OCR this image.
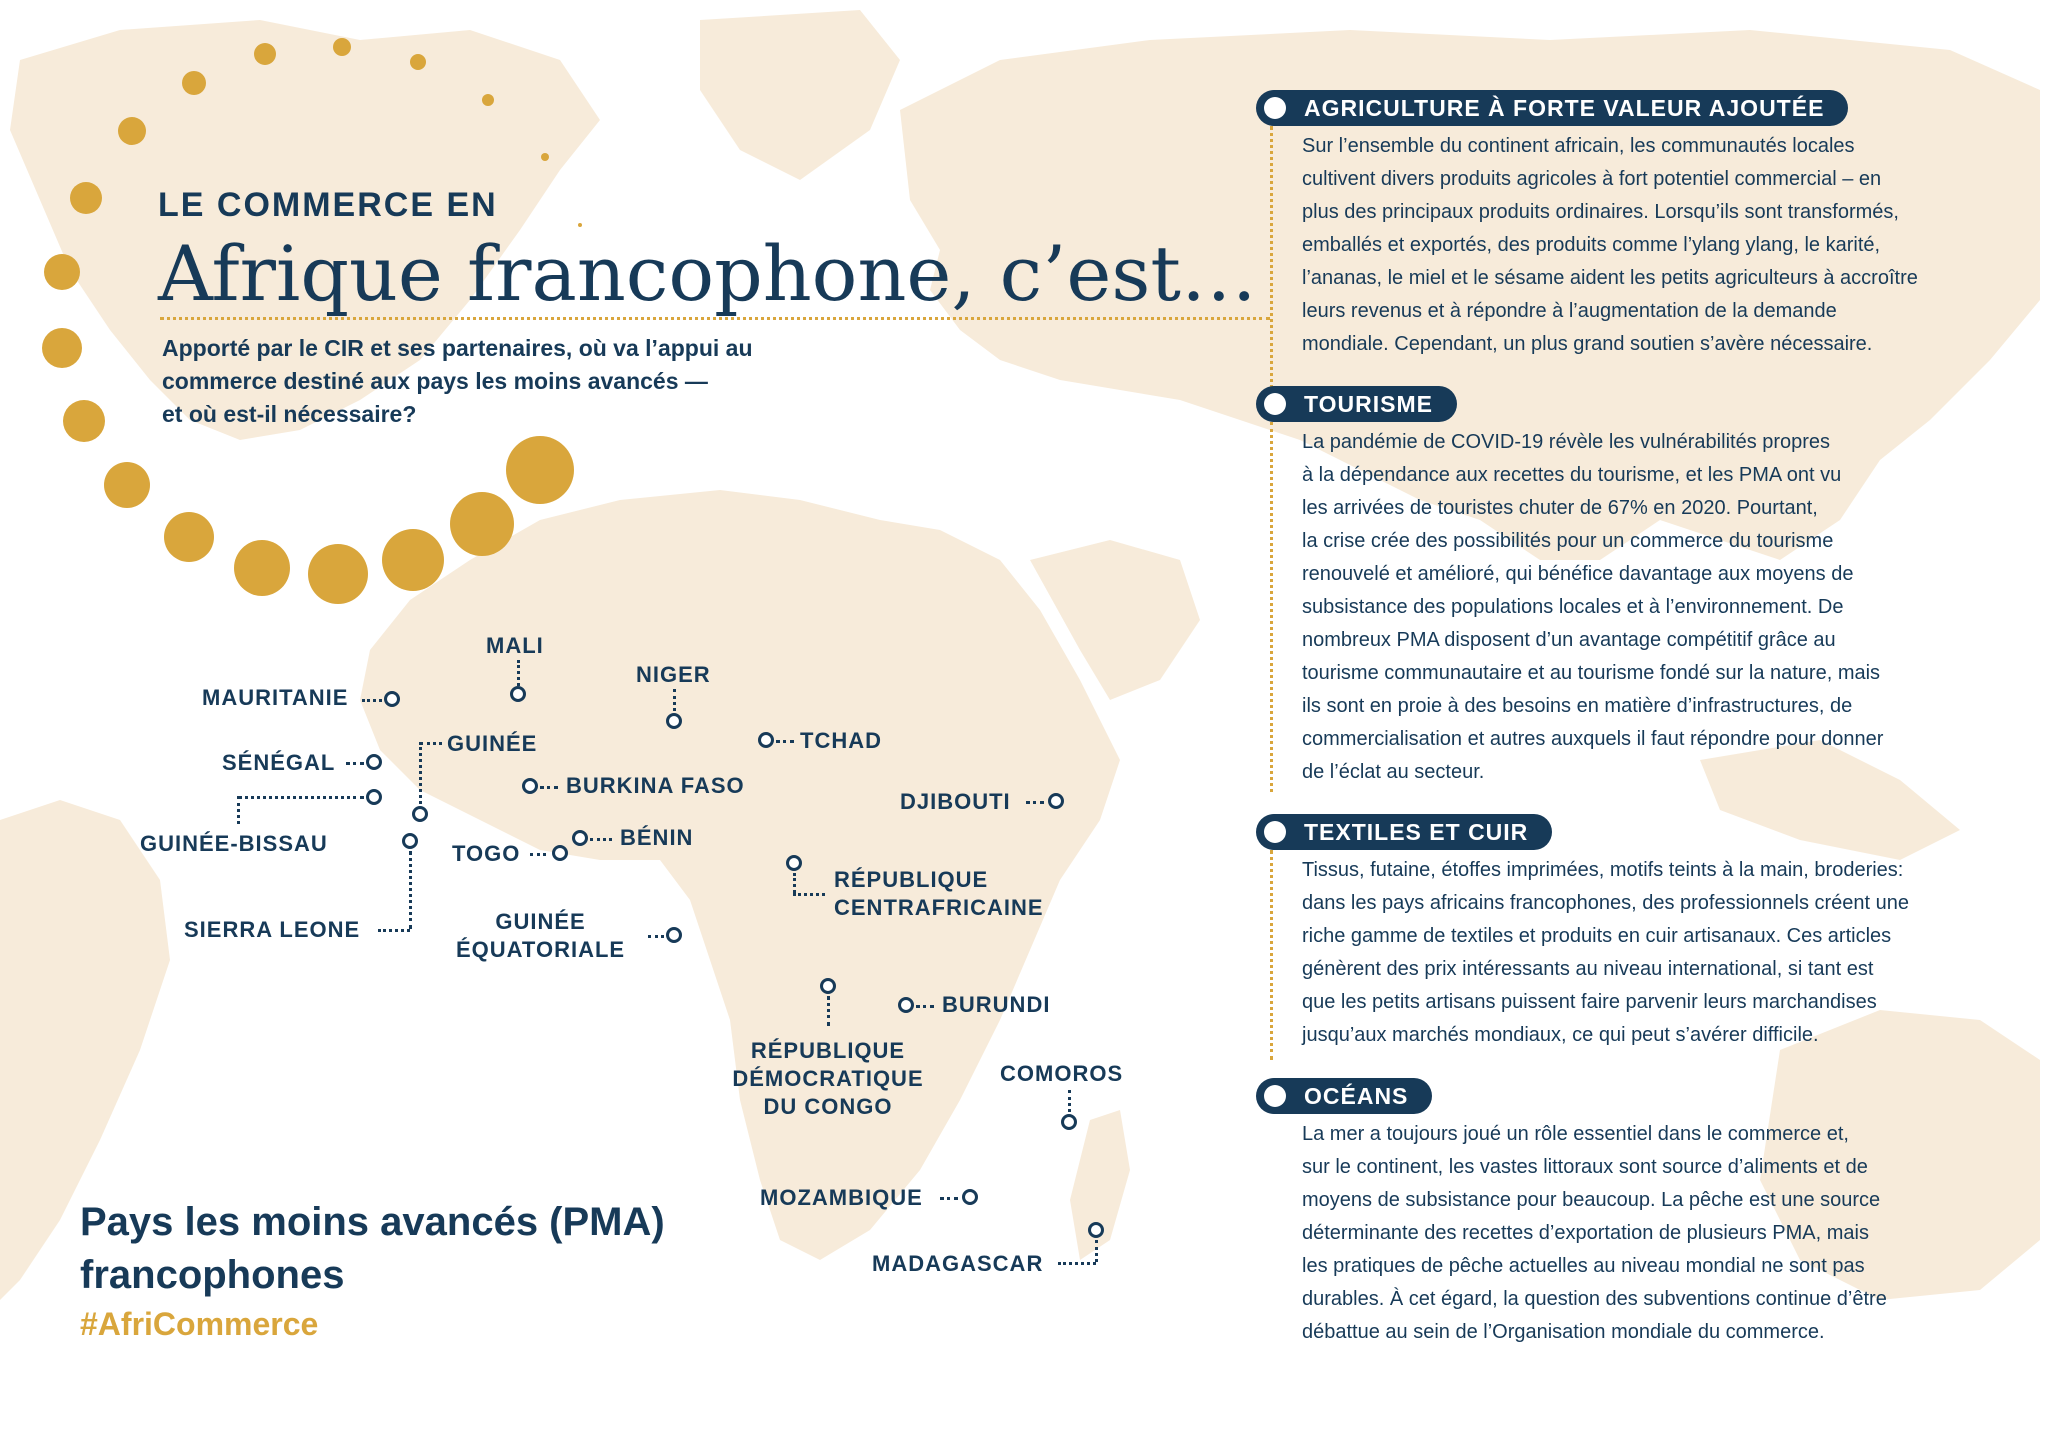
LE COMMERCE EN
Afrique francophone, c’est…
Apporté par le CIR et ses partenaires, où va l’appui au
commerce destiné aux pays les moins avancés —
et où est-il nécessaire?
MALI
MAURITANIE
NIGER
GUINÉE	TCHAD
SÉNÉGAL
BURKINA FASO
DJIBOUTI
GUINÉE-BISSAU	TOGO
BÉNIN
SIERRA LEONE
RÉPUBLIQUE
CENTRAFRICAINE
GUINÉE
ÉQUATORIALE
BURUNDI
RÉPUBLIQUE
DÉMOCRATIQUE
DU CONGO
COMOROS
MOZAMBIQUE
MADAGASCAR
Pays les moins avancés (PMA)
francophones
#AfriCommerce
AGRICULTURE À FORTE VALEUR AJOUTÉE
Sur l’ensemble du continent africain, les communautés locales
cultivent divers produits agricoles à fort potentiel commercial – en
plus des principaux produits ordinaires. Lorsqu’ils sont transformés,
emballés et exportés, des produits comme l’ylang ylang, le karité,
l’ananas, le miel et le sésame aident les petits agriculteurs à accroître
leurs revenus et à répondre à l’augmentation de la demande
mondiale. Cependant, un plus grand soutien s’avère nécessaire.
TOURISME
La pandémie de COVID-19 révèle les vulnérabilités propres
à la dépendance aux recettes du tourisme, et les PMA ont vu
les arrivées de touristes chuter de 67% en 2020. Pourtant,
la crise crée des possibilités pour un commerce du tourisme
renouvelé et amélioré, qui bénéfice davantage aux moyens de
subsistance des populations locales et à l’environnement. De
nombreux PMA disposent d’un avantage compétitif grâce au
tourisme communautaire et au tourisme fondé sur la nature, mais
ils sont en proie à des besoins en matière d’infrastructures, de
commercialisation et autres auxquels il faut répondre pour donner
de l’éclat au secteur.
TEXTILES ET CUIR
Tissus, futaine, étoffes imprimées, motifs teints à la main, broderies:
dans les pays africains francophones, des professionnels créent une
riche gamme de textiles et produits en cuir artisanaux. Ces articles
génèrent des prix intéressants au niveau international, si tant est
que les petits artisans puissent faire parvenir leurs marchandises
jusqu’aux marchés mondiaux, ce qui peut s’avérer difficile.
OCÉANS
La mer a toujours joué un rôle essentiel dans le commerce et,
sur le continent, les vastes littoraux sont source d’aliments et de
moyens de subsistance pour beaucoup. La pêche est une source
déterminante des recettes d’exportation de plusieurs PMA, mais
les pratiques de pêche actuelles au niveau mondial ne sont pas
durables. À cet égard, la question des subventions continue d’être
débattue au sein de l’Organisation mondiale du commerce.
